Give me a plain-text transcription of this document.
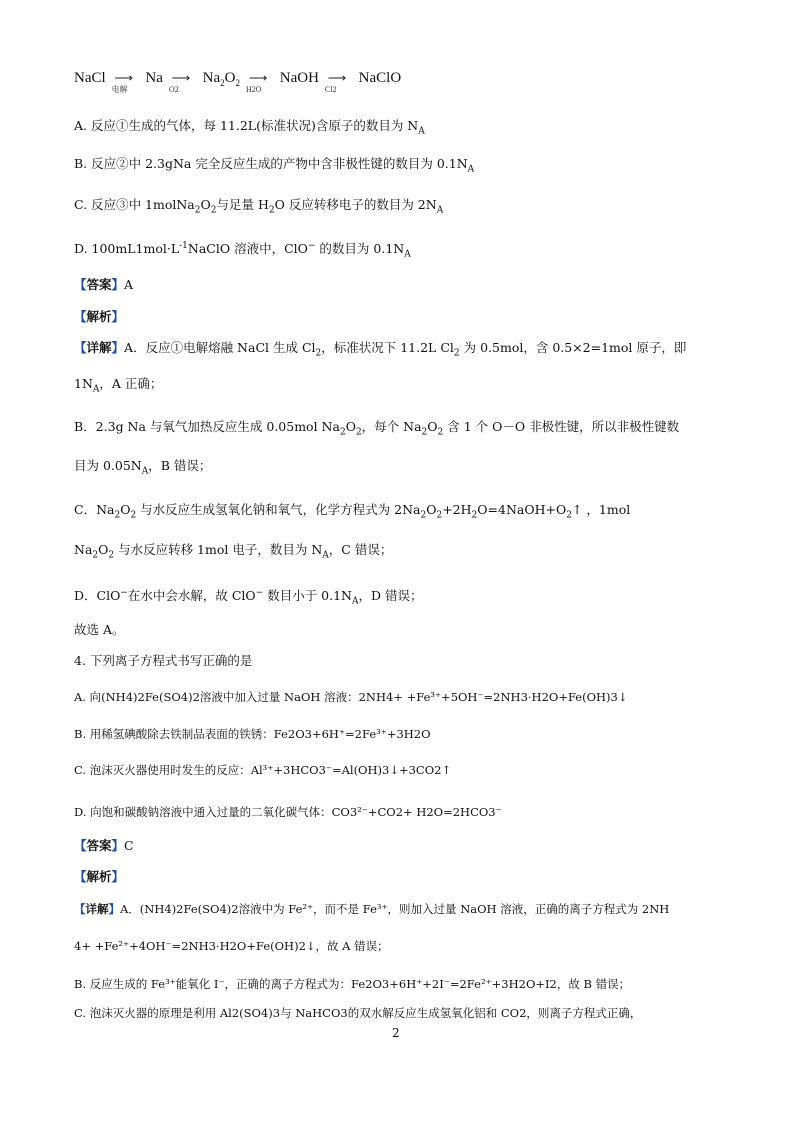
NaCl ⟶
电解
Na ⟶
O2
$Na_2O_2$ ⟶
H2O
NaOH ⟶
Cl2
NaClO
A. 反应①生成的气体，每 11.2L(标准状况)含原子的数目为 $N_A$
B. 反应②中 2.3gNa 完全反应生成的产物中含非极性键的数目为 $0.1N_A$
C. 反应③中 $1molNa_2O_2$与足量 $H_2O$ 反应转移电子的数目为 $2N_A$
D. $100mL1mol\cdot L^{-1}NaClO$ 溶液中，ClO− 的数目为 $0.1N_A$
【答案】A
【解析】
【详解】A．反应①电解熔融 NaCl 生成 $Cl_2$，标准状况下 11.2L $Cl_2$ 为 0.5mol，含 0.5×2=1mol 原子，即
$1N_A$，A 正确；
B．2.3g Na 与氧气加热反应生成 0.05mol $Na_2O_2$，每个 $Na_2O_2$ 含 1 个 O－O 非极性键，所以非极性键数
目为 $0.05N_A$，B 错误；
C．$Na_2O_2$ 与水反应生成氢氧化钠和氧气，化学方程式为 $2Na_2O_2+2H_2O=4NaOH+O_2↑$ ，1mol
$Na_2O_2$ 与水反应转移 1mol 电子，数目为 $N_A$，C 错误；
D．ClO−在水中会水解，故 ClO− 数目小于 $0.1N_A$，D 错误；
故选 A。
4. 下列离子方程式书写正确的是
A. 向(NH4)2Fe(SO4)2溶液中加入过量 NaOH 溶液：2NH4+ +Fe³⁺+5OH⁻=2NH3·H2O+Fe(OH)3↓
B. 用稀氢碘酸除去铁制品表面的铁锈：Fe2O3+6H⁺=2Fe³⁺+3H2O
C. 泡沫灭火器使用时发生的反应：Al³⁺+3HCO3⁻=Al(OH)3↓+3CO2↑
D. 向饱和碳酸钠溶液中通入过量的二氧化碳气体：CO3²⁻+CO2+ H2O=2HCO3⁻
【答案】C
【解析】
【详解】A．(NH4)2Fe(SO4)2溶液中为 Fe²⁺，而不是 Fe³⁺，则加入过量 NaOH 溶液，正确的离子方程式为 2NH
4+ +Fe²⁺+4OH⁻=2NH3·H2O+Fe(OH)2↓，故 A 错误；
B. 反应生成的 Fe³⁺能氧化 I⁻，正确的离子方程式为：Fe2O3+6H⁺+2I⁻=2Fe²⁺+3H2O+I2，故 B 错误；
C. 泡沫灭火器的原理是利用 Al2(SO4)3与 NaHCO3的双水解反应生成氢氧化铝和 CO2，则离子方程式正确，
2
